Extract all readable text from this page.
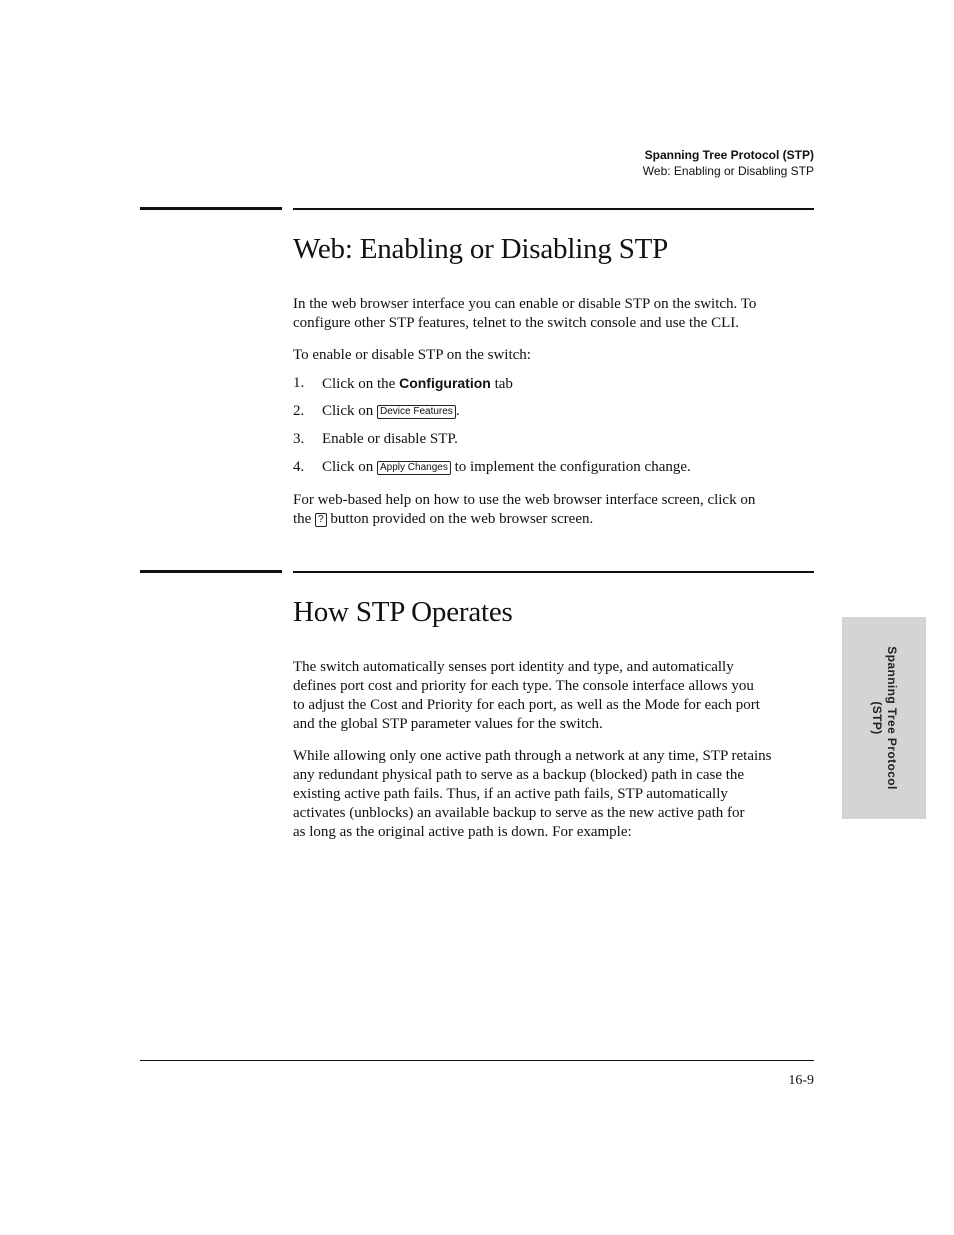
Spanning Tree Protocol (STP)
Web: Enabling or Disabling STP
Web: Enabling or Disabling STP

In the web browser interface you can enable or disable STP on the switch. To
configure other STP features, telnet to the switch console and use the CLI.

To enable or disable STP on the switch:

1. Click on the Configuration tab
2. Click on Device Features .
3. Enable or disable STP.
4. Click on Apply Changes to implement the configuration change.

For web-based help on how to use the web browser interface screen, click on
the ? button provided on the web browser screen.

How STP Operates

The switch automatically senses port identity and type, and automatically
defines port cost and priority for each type. The console interface allows you
to adjust the Cost and Priority for each port, as well as the Mode for each port
and the global STP parameter values for the switch.

While allowing only one active path through a network at any time, STP retains
any redundant physical path to serve as a backup (blocked) path in case the
existing active path fails. Thus, if an active path fails, STP automatically
activates (unblocks) an available backup to serve as the new active path for
as long as the original active path is down. For example:

Spanning Tree Protocol
(STP)
16-9
